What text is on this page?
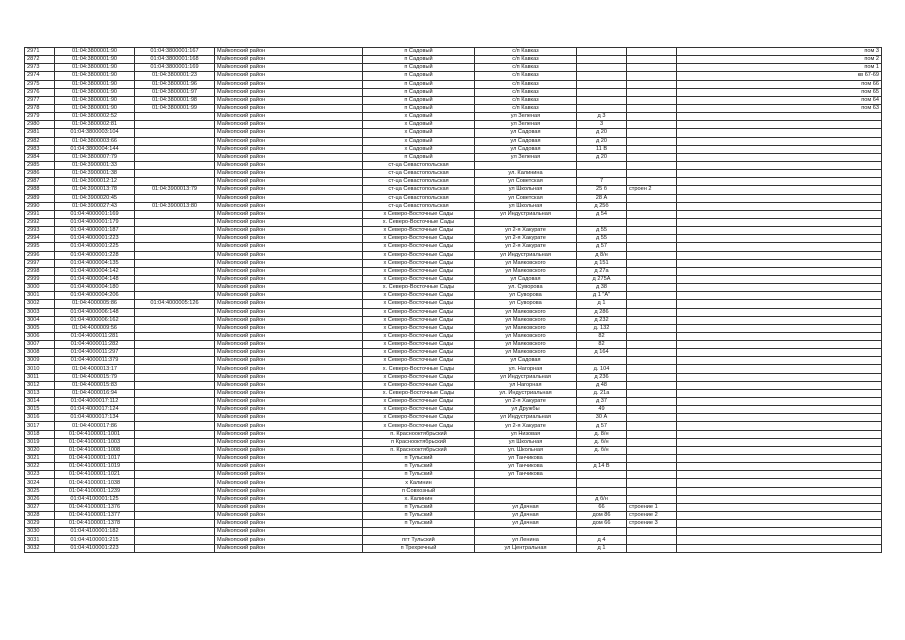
2971	01:04:3800001:90	01:04:3800001:167	Майкопский район	п Садовый	с/п Кавказ			пом 3
2872	01:04:3800001:90	01:04:3800001:168	Майкопский район	п Садовый	с/п Кавказ			пом 2
2973	01:04:3800001:90	01:04:3800001:169	Майкопский район	п Садовый	с/п Кавказ			пом 1
2974	01:04:3800001:90	01:04:3800001:23	Майкопский район	п Садовый	с/п Кавказ			кв 67-69
2975	01:04:3800001:90	01:04:3800001:96	Майкопский район	п Садовый	с/п Кавказ			пом 66
2976	01:04:3800001:90	01:04:3800001:97	Майкопский район	п Садовый	с/п Кавказ			пом 65
2977	01:04:3800001:90	01:04:3800001:98	Майкопский район	п Садовый	с/п Кавказ			пом 64
2978	01:04:3800001:90	01:04:3800001:99	Майкопский район	п Садовый	с/п Кавказ			пом 63
2979	01:04:3800002:52		Майкопский район	х Садовый	ул Зеленая	д 3		
2980	01:04:3800002:81		Майкопский район	х Садовый	ул Зеленая	3		
2981	01:04:3800003:104		Майкопский район	х Садовый	ул Садовая	д 20		
2982	01:04:3800003:66		Майкопский район	х Садовый	ул Садовая	д 20		
2983	01:04:3800004:144		Майкопский район	х Садовый	ул Садовая	11 В		
2984	01:04:3800007:79		Майкопский район	п Садовый	ул Зеленая	д 20		
2985	01:04:3900001:33		Майкопский район	ст-ца Севастопольская				
2986	01:04:3900001:38		Майкопский район	ст-ца Севастопольская	ул. Калинина			
2987	01:04:3900012:12		Майкопский район	ст-ца Севастопольская	ул Советская	7		
2988	01:04:3900013:78	01:04:3900013:79	Майкопский район	ст-ца Севастопольская	ул Школьная	25 б	строен 2	
2989	01:04:3900020:45		Майкопский район	ст-ца Севастопольская	ул Советская	28 А		
2990	01:04:3900027:43	01:04:3900013:80	Майкопский район	ст-ца Севастопольская	ул Школьная	д 25б		
2991	01:04:4000001:169		Майкопский район	х Северо-Восточные Сады	ул Индустриальная	д 54		
2992	01:04:4000001:179		Майкопский район	х. Северо-Восточные Сады				
2993	01:04:4000001:187		Майкопский район	х Северо-Восточные Сады	ул 2-я Хакурате	д 55		
2994	01:04:4000001:223		Майкопский район	х Северо-Восточные Сады	ул 2-я Хакурате	д 55		
2995	01:04:4000001:225		Майкопский район	х Северо-Восточные Сады	ул 2-я Хакурате	д 57		
2996	01:04:4000001:228		Майкопский район	х Северо-Восточные Сады	ул Индустриальная	д 8/н		
2997	01:04:4000004:135		Майкопский район	х Северо-Восточные Сады	ул Маяковского	д 151		
2998	01:04:4000004:142		Майкопский район	х Северо-Восточные Сады	ул Маяковского	д 27а		
2999	01:04:4000004:148		Майкопский район	х Северо-Восточные Сады	ул Садовая	д 275А		
3000	01:04:4000004:180		Майкопский район	х. Северо-Восточные Сады	ул. Суворова	д 38		
3001	01:04:4000004:206		Майкопский район	х Северо-Восточные Сады	ул Суворова	д 1 "А"		
3002	01:04:4000005:86	01:04:4000005:126	Майкопский район	х Северо-Восточные Сады	ул Суворова	д 1		
3003	01:04:4000006:148		Майкопский район	х Северо-Восточные Сады	ул Маяковского	д 286		
3004	01:04:4000006:162		Майкопский район	х Северо-Восточные Сады	ул Маяковского	д 232		
3005	01:04:4000009:56		Майкопский район	х Северо-Восточные Сады	ул Маяковского	д. 132		
3006	01:04:4000011:281		Майкопский район	х Северо-Восточные Сады	ул Маяковского	82		
3007	01:04:4000011:282		Майкопский район	х Северо-Восточные Сады	ул Маяковского	82		
3008	01:04:4000011:297		Майкопский район	х Северо-Восточные Сады	ул Маяковского	д 164		
3009	01:04:4000011:379		Майкопский район	х Северо-Восточные Сады	ул Садовая			
3010	01:04:4000013:17		Майкопский район	х. Северо-Восточные Сады	ул. Нагорная	д. 104		
3011	01:04:4000015:79		Майкопский район	х Северо-Восточные Сады	ул Индустриальная	д 236		
3012	01:04:4000015:83		Майкопский район	х Северо-Восточные Сады	ул Нагорная	д 48		
3013	01:04:4000016:94		Майкопский район	х. Северо-Восточные Сады	ул. Индустриальная	д. 21а		
3014	01:04:4000017:112		Майкопский район	х Северо-Восточные Сады	ул 2-я Хакурате	д 37		
3015	01:04:4000017:124		Майкопский район	х Северо-Восточные Сады	ул Дружбы	49		
3016	01:04:4000017:134		Майкопский район	х Северо-Восточные Сады	ул Индустриальная	30 А		
3017	01:04:4000017:86		Майкопский район	х Северо-Восточные Сады	ул 2-я Хакурате	д 57		
3018	01:04:4100001:1001		Майкопский район	п. Краснооктябрьский	ул Низовая	д. 8/н		
3019	01:04:4100001:1003		Майкопский район	п Краснооктябрьский	ул Школьная	д. б/н		
3020	01:04:4100001:1008		Майкопский район	п. Краснооктябрьский	ул. Школьная	д. б/н		
3021	01:04:4100001:1017		Майкопский район	п Тульский	ул Танчикова			
3022	01:04:4100001:1019		Майкопский район	п Тульский	ул Танчикова	д 14 В		
3023	01:04:4100001:1021		Майкопский район	п Тульский	ул Танчикова			
3024	01:04:4100001:1038		Майкопский район	х Калинин				
3025	01:04:4100001:1239		Майкопский район	п Совхозный				
3026	01:04:4100001:125		Майкопский район	х. Калинин		д б/н		
3027	01:04:4100001:1376		Майкопский район	п Тульский	ул Дачная	66	строение 1	
3028	01:04:4100001:1377		Майкопский район	п Тульский	ул Дачная	дом 86	строение 2	
3029	01:04:4100001:1378		Майкопский район	п Тульский	ул Дачная	дом 66	строение 3	
3030	01:04:4100001:182		Майкопский район					
3031	01:04:4100001:215		Майкопский район	пгт Тульский	ул Ленина	д 4		
3032	01:04:4100001:223		Майкопский район	п Трехречный	ул Центральная	д 1		
